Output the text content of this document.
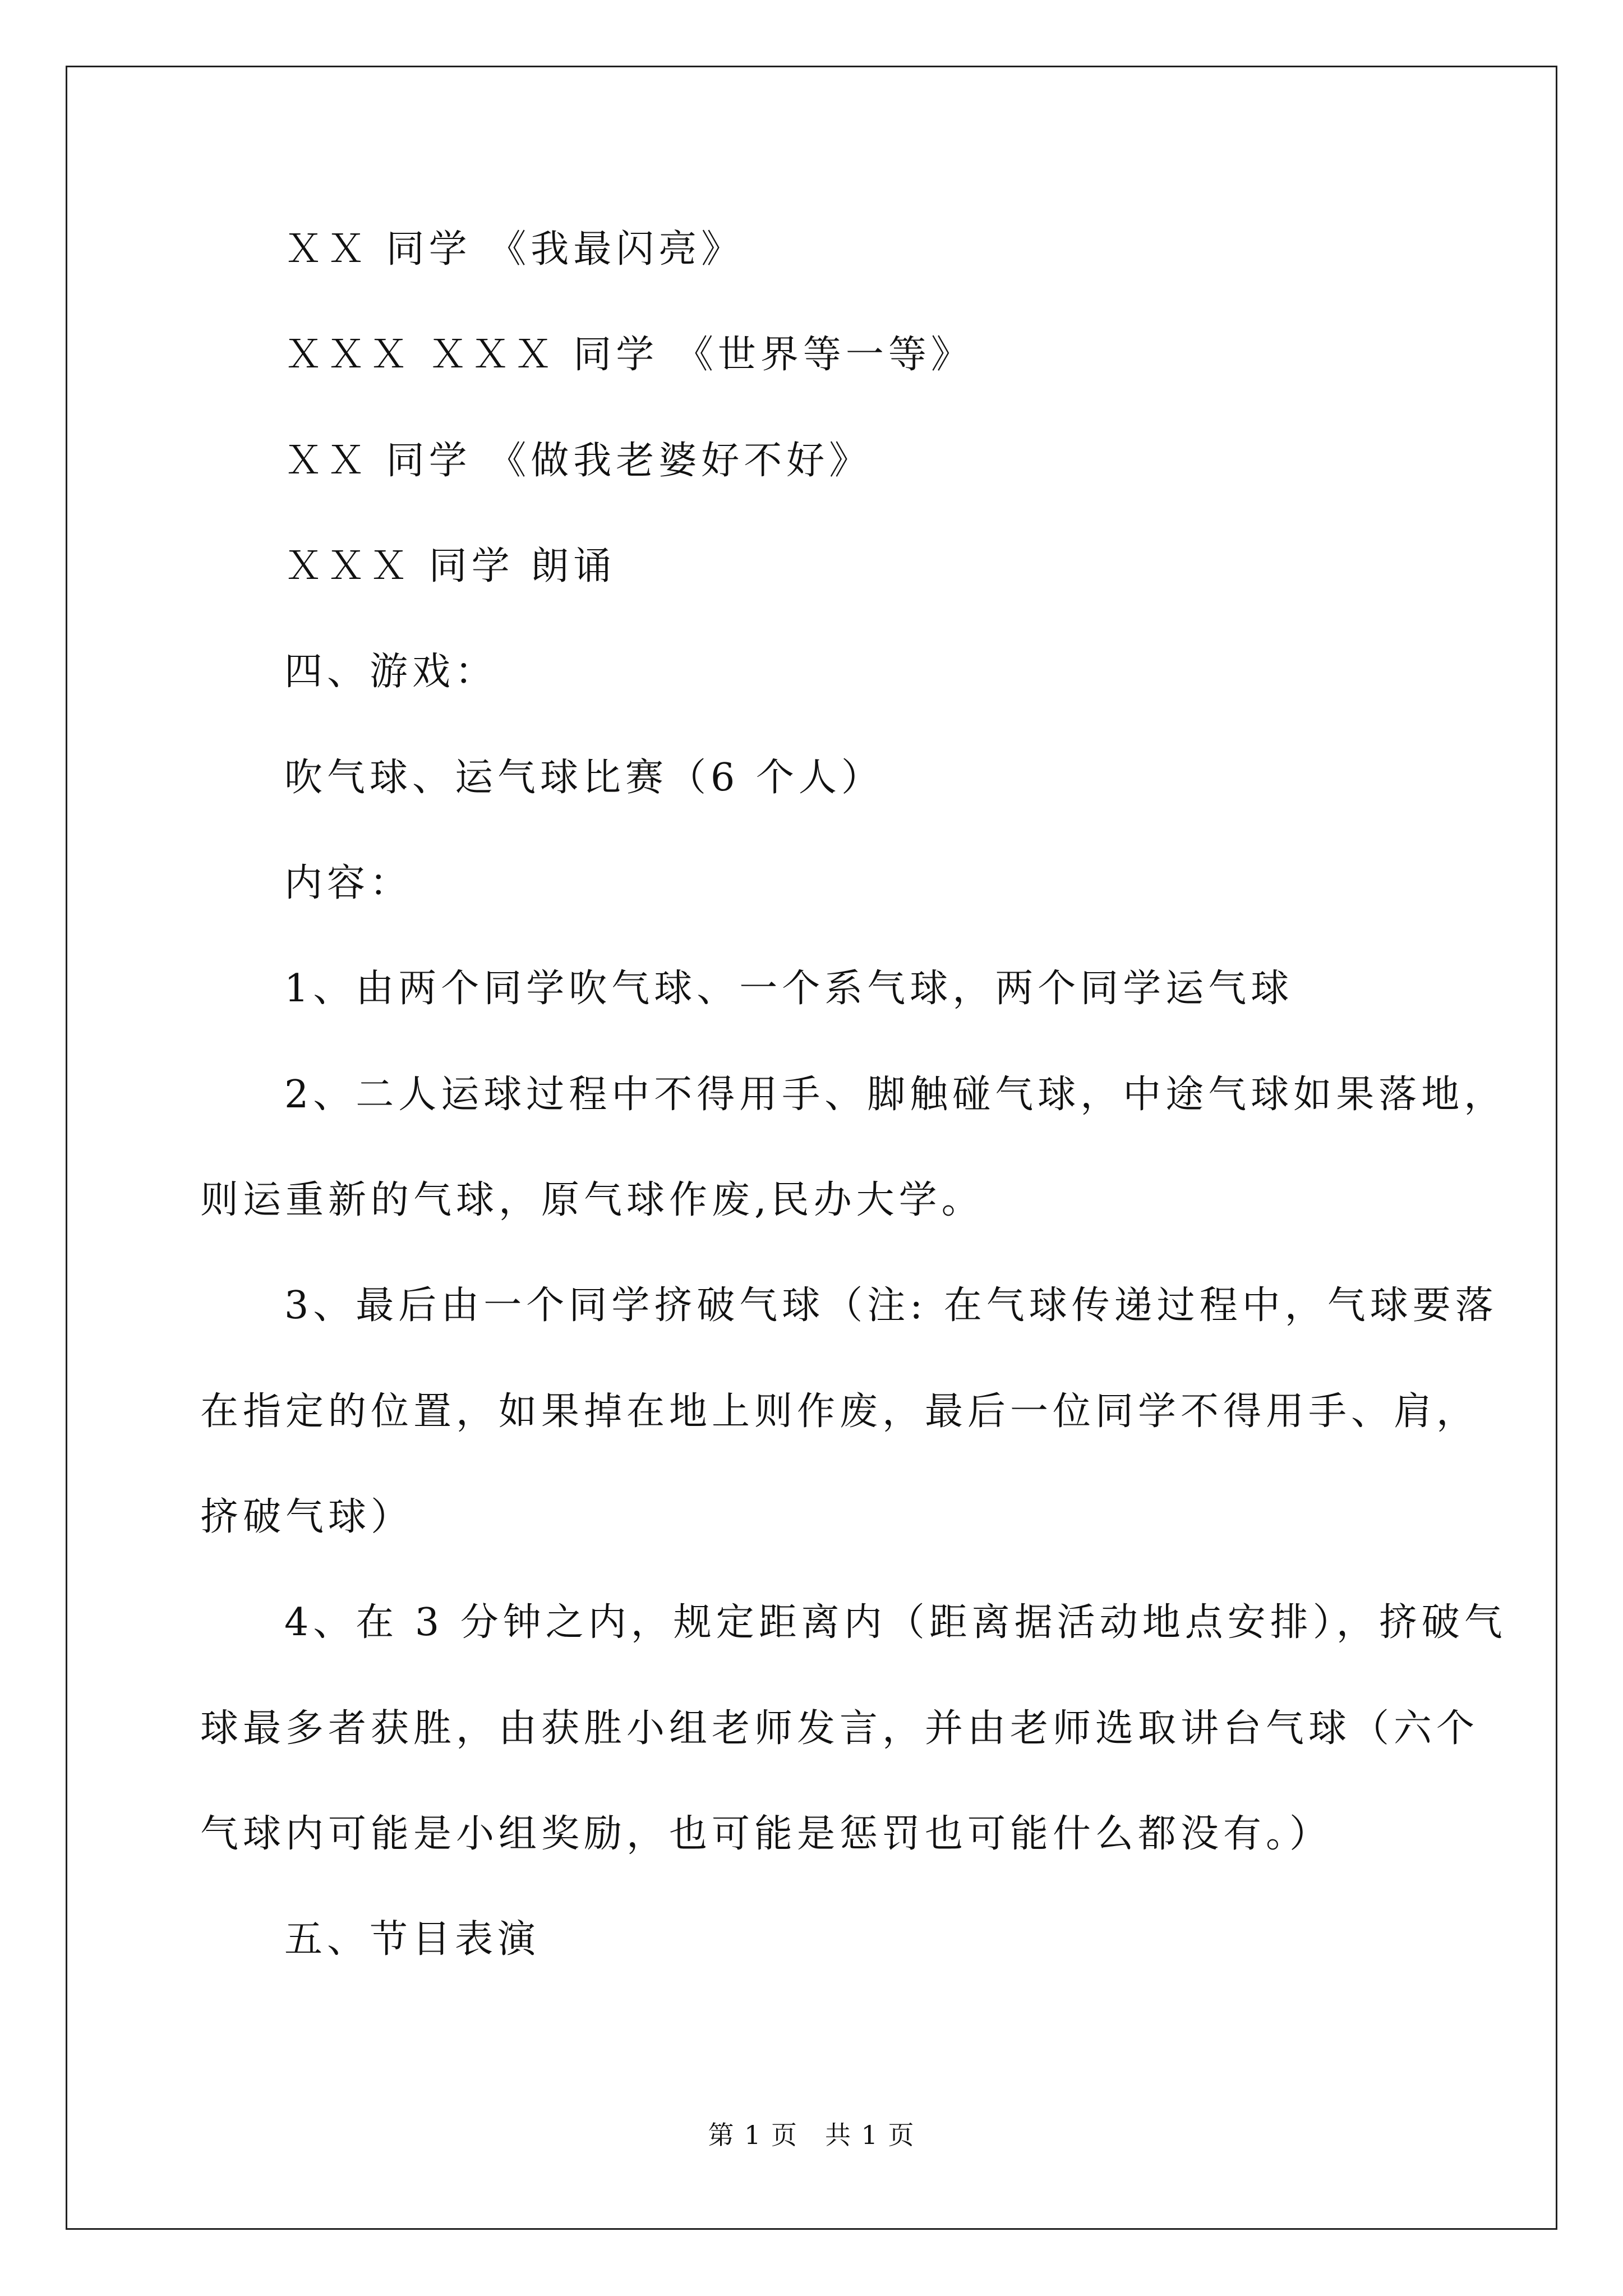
ＸＸ 同学 《我最闪亮》
ＸＸＸ ＸＸＸ 同学 《世界等一等》
ＸＸ 同学 《做我老婆好不好》
ＸＸＸ 同学 朗诵
四、游戏：
吹气球、运气球比赛（6 个人）
内容：
1、由两个同学吹气球、一个系气球，两个同学运气球
2、二人运球过程中不得用手、脚触碰气球，中途气球如果落地，
则运重新的气球，原气球作废,民办大学。
3、最后由一个同学挤破气球（注: 在气球传递过程中，气球要落
在指定的位置，如果掉在地上则作废，最后一位同学不得用手、肩，
挤破气球）
4、在 3 分钟之内，规定距离内（距离据活动地点安排），挤破气
球最多者获胜，由获胜小组老师发言，并由老师选取讲台气球（六个
气球内可能是小组奖励，也可能是惩罚也可能什么都没有。）
五、节目表演
第 1 页　共 1 页
